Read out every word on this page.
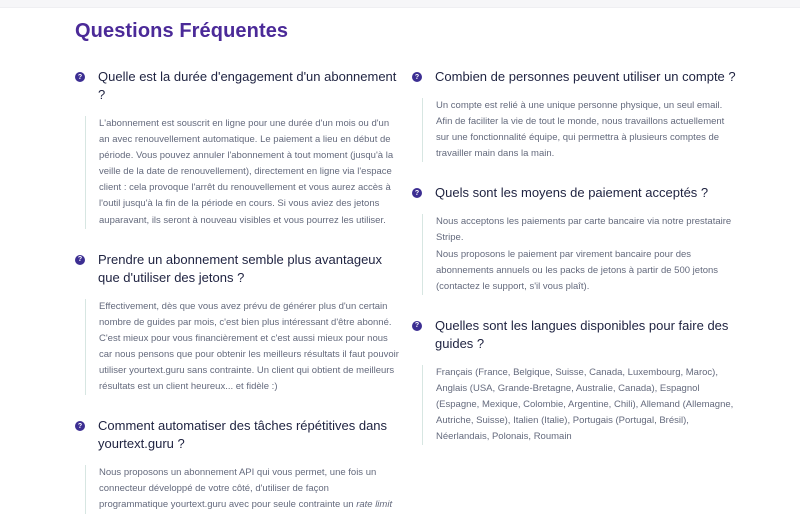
Questions Fréquentes
? Quelle est la durée d'engagement d'un abonnement ?

L'abonnement est souscrit en ligne pour une durée d'un mois ou d'un an avec renouvellement automatique. Le paiement a lieu en début de période. Vous pouvez annuler l'abonnement à tout moment (jusqu'à la veille de la date de renouvellement), directement en ligne via l'espace client : cela provoque l'arrêt du renouvellement et vous aurez accès à l'outil jusqu'à la fin de la période en cours. Si vous aviez des jetons auparavant, ils seront à nouveau visibles et vous pourrez les utiliser.

? Prendre un abonnement semble plus avantageux que d'utiliser des jetons ?

Effectivement, dès que vous avez prévu de générer plus d'un certain nombre de guides par mois, c'est bien plus intéressant d'être abonné. C'est mieux pour vous financièrement et c'est aussi mieux pour nous car nous pensons que pour obtenir les meilleurs résultats il faut pouvoir utiliser yourtext.guru sans contrainte. Un client qui obtient de meilleurs résultats est un client heureux... et fidèle :)

? Comment automatiser des tâches répétitives dans yourtext.guru ?

Nous proposons un abonnement API qui vous permet, une fois un connecteur développé de votre côté, d'utiliser de façon programmatique yourtext.guru avec pour seule contrainte un rate limit

? Combien de personnes peuvent utiliser un compte ?

Un compte est relié à une unique personne physique, un seul email. Afin de faciliter la vie de tout le monde, nous travaillons actuellement sur une fonctionnalité équipe, qui permettra à plusieurs comptes de travailler main dans la main.

? Quels sont les moyens de paiement acceptés ?

Nous acceptons les paiements par carte bancaire via notre prestataire Stripe.

Nous proposons le paiement par virement bancaire pour des abonnements annuels ou les packs de jetons à partir de 500 jetons (contactez le support, s'il vous plaît).

? Quelles sont les langues disponibles pour faire des guides ?

Français (France, Belgique, Suisse, Canada, Luxembourg, Maroc), Anglais (USA, Grande-Bretagne, Australie, Canada), Espagnol (Espagne, Mexique, Colombie, Argentine, Chili), Allemand (Allemagne, Autriche, Suisse), Italien (Italie), Portugais (Portugal, Brésil), Néerlandais, Polonais, Roumain
